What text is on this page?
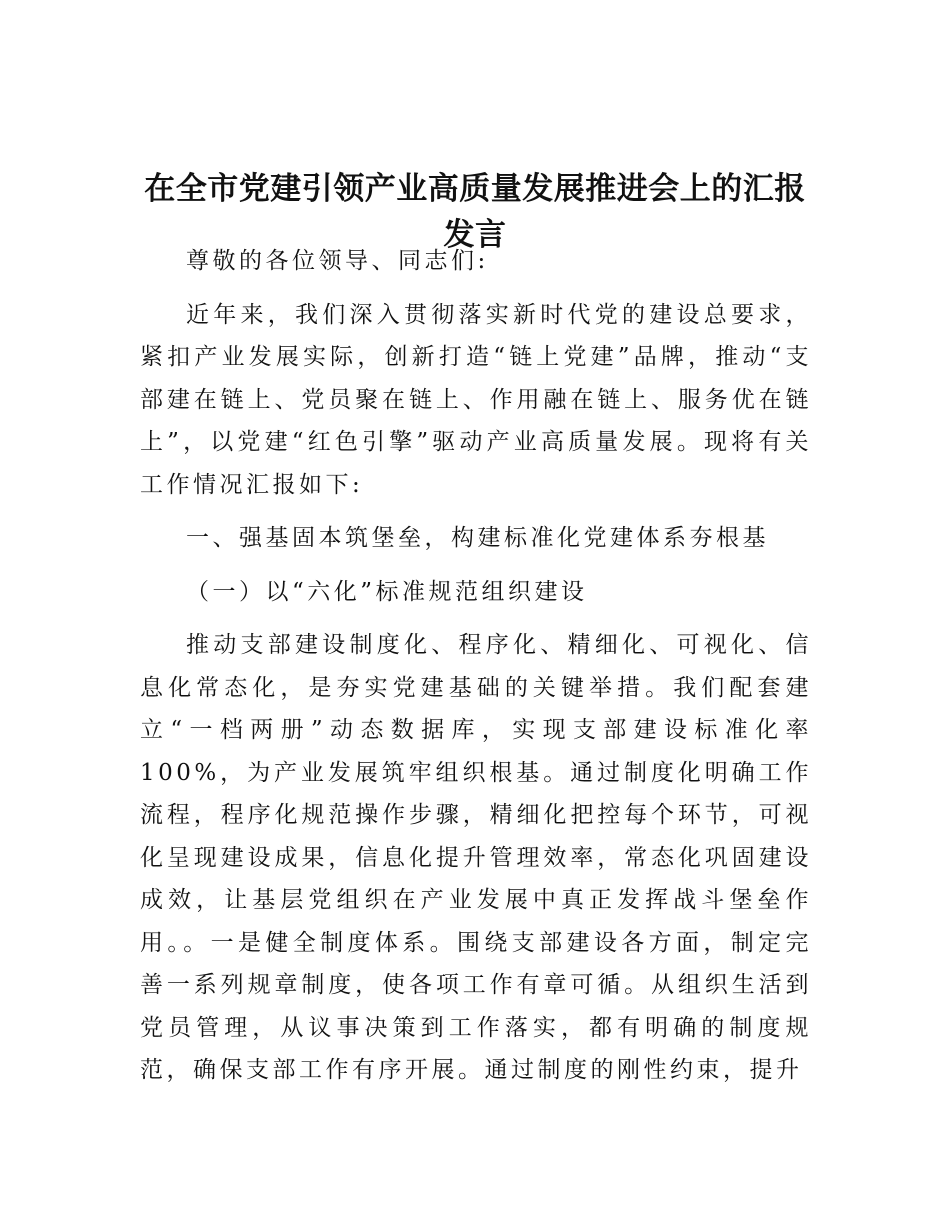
在全市党建引领产业高质量发展推进会上的汇报发言

尊敬的各位领导、同志们:

近年来，我们深入贯彻落实新时代党的建设总要求，紧扣产业发展实际，创新打造“链上党建”品牌，推动“支部建在链上、党员聚在链上、作用融在链上、服务优在链上”，以党建“红色引擎”驱动产业高质量发展。现将有关工作情况汇报如下:

一、强基固本筑堡垒，构建标准化党建体系夯根基

（一）以“六化”标准规范组织建设

推动支部建设制度化、程序化、精细化、可视化、信息化常态化，是夯实党建基础的关键举措。我们配套建立“一档两册”动态数据库，实现支部建设标准化率 100%，为产业发展筑牢组织根基。通过制度化明确工作流程，程序化规范操作步骤，精细化把控每个环节，可视化呈现建设成果，信息化提升管理效率，常态化巩固建设成效，让基层党组织在产业发展中真正发挥战斗堡垒作用。。一是健全制度体系。围绕支部建设各方面，制定完善一系列规章制度，使各项工作有章可循。从组织生活到党员管理，从议事决策到工作落实，都有明确的制度规范，确保支部工作有序开展。通过制度的刚性约束，提升
